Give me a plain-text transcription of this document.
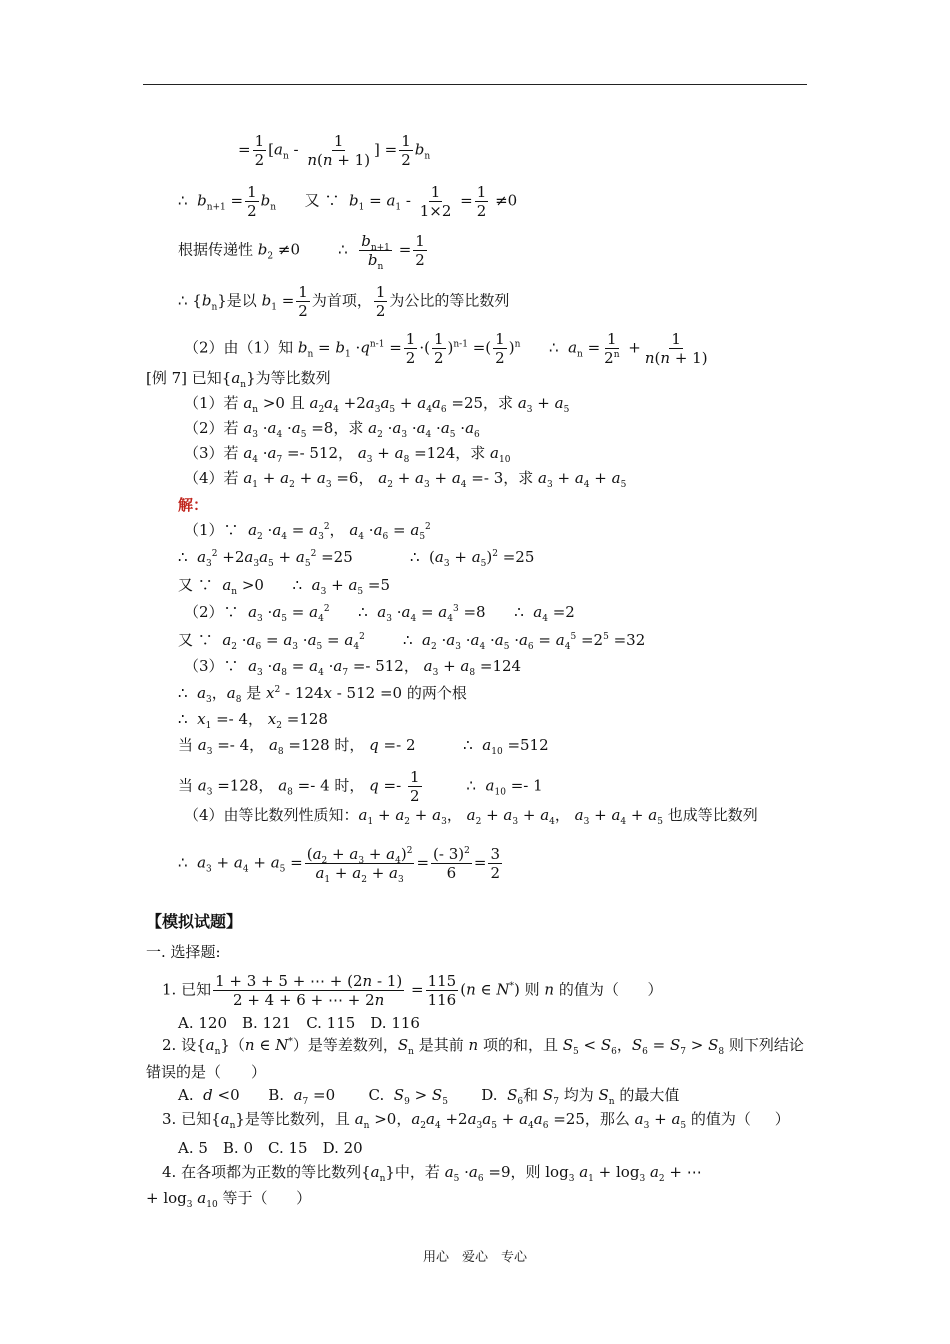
= $\frac{1}{2} [a_n - \frac{1}{n(n + 1)}$ ] = $\frac{1}{2} b_n$
∴  $b_{n+1} = \frac{1}{2} b_n$      又 ∵  $b_1 = a_1 - \frac{1}{1\times 2} = \frac{1}{2} \ne 0$
根据传递性 $b_2 \ne 0$        ∴ $\frac{b_{n+1}}{b_n} = \frac{1}{2}$
∴ $\{b_n\}$是以 $b_1 = \frac{1}{2}$ 为首项， $\frac{1}{2}$ 为公比的等比数列
（2）由（1）知 $b_n = b_1 \cdot q^{n-1} = \frac{1}{2}$ ·( $\frac{1}{2} )^{n-1}$ =( $\frac{1}{2} )^n$      ∴  $a_n = \frac{1}{2^n} + \frac{1}{n(n + 1)}$
[例 7] 已知$\{a_n\}$为等比数列
（1）若 $a_n >0$ 且 $a_2a_4 +2a_3a_5 + a_4a_6 =25$，求 $a_3 + a_5$
（2）若 $a_3 \cdot a_4 \cdot a_5 =8$，求 $a_2 \cdot a_3 \cdot a_4 \cdot a_5 \cdot a_6$
（3）若 $a_4 \cdot a_7 =- 512$， $a_3 + a_8 =124$，求 $a_{10}$
（4）若 $a_1 + a_2 + a_3 =6$， $a_2 + a_3 + a_4 =- 3$，求 $a_3 + a_4 + a_5$
解：
（1）∵  $a_2 \cdot a_4 = a_3^2$， $a_4 \cdot a_6 = a_5^2$
∴  $a_3^2 +2a_3a_5 + a_5^2 =25$            ∴  $(a_3 + a_5)^2 =25$
又 ∵  $a_n >0$      ∴  $a_3 + a_5 =5$
（2）∵  $a_3 \cdot a_5 = a_4^2$      ∴  $a_3 \cdot a_4 = a_4^3 =8$      ∴  $a_4 =2$
又 ∵  $a_2 \cdot a_6 = a_3 \cdot a_5 = a_4^2$        ∴  $a_2 \cdot a_3 \cdot a_4 \cdot a_5 \cdot a_6 = a_4^5 =2^5 =32$
（3）∵  $a_3 \cdot a_8 = a_4 \cdot a_7 =- 512$， $a_3 + a_8 =124$
∴  $a_3$，$a_8$ 是 $x^2 - 124x - 512 =0$ 的两个根
∴  $x_1 =- 4$， $x_2 =128$
当 $a_3 =- 4$， $a_8 =128$ 时， q =- 2          ∴  $a_{10} =512$
当 $a_3 =128$， $a_8 =- 4$ 时， $q =- \frac{1}{2}$ ∴  $a_{10} =- 1$
（4）由等比数列性质知：$a_1 + a_2 + a_3$， $a_2 + a_3 + a_4$， $a_3 + a_4 + a_5$ 也成等比数列
∴  $a_3 + a_4 + a_5 = \frac{(a_2 + a_3 + a_4)^2}{a_1 + a_2 + a_3} = \frac{(- 3)^2}{6} = \frac{3}{2}$
【模拟试题】
一. 选择题:
1. 已知 $\frac{1 + 3 + 5 + \cdots + (2n - 1)}{2 + 4 + 6 + \cdots + 2n} = \frac{115}{116} (n$ ∈ N*) 则 n 的值为（      ）
A. 120　B. 121　C. 115　D. 116
2. 设$\{a_n\}(n$ ∈ N*）是等差数列，$S_n$ 是其前 n 项的和，且 $S_5 < S_6$，$S_6 = S_7 > S_8$ 则下列结论
错误的是（　　）
A.  d <0      B.  $a_7 =0$       C.  $S_9 > S_5$       D.  $S_6$和 $S_7$ 均为 $S_n$ 的最大值
3. 已知$\{a_n\}$是等比数列，且 $a_n >0$，$a_2a_4 +2a_3a_5 + a_4a_6 =25$，那么 $a_3 + a_5$ 的值为（     ）
A. 5　B. 0　C. 15　D. 20
4. 在各项都为正数的等比数列$\{a_n\}$中，若 $a_5 \cdot a_6 =9$，则 $\log_3 a_1 + \log_3 a_2$ + ⋯
+ $\log_3 a_{10}$ 等于（      ）
用心　爱心　专心
